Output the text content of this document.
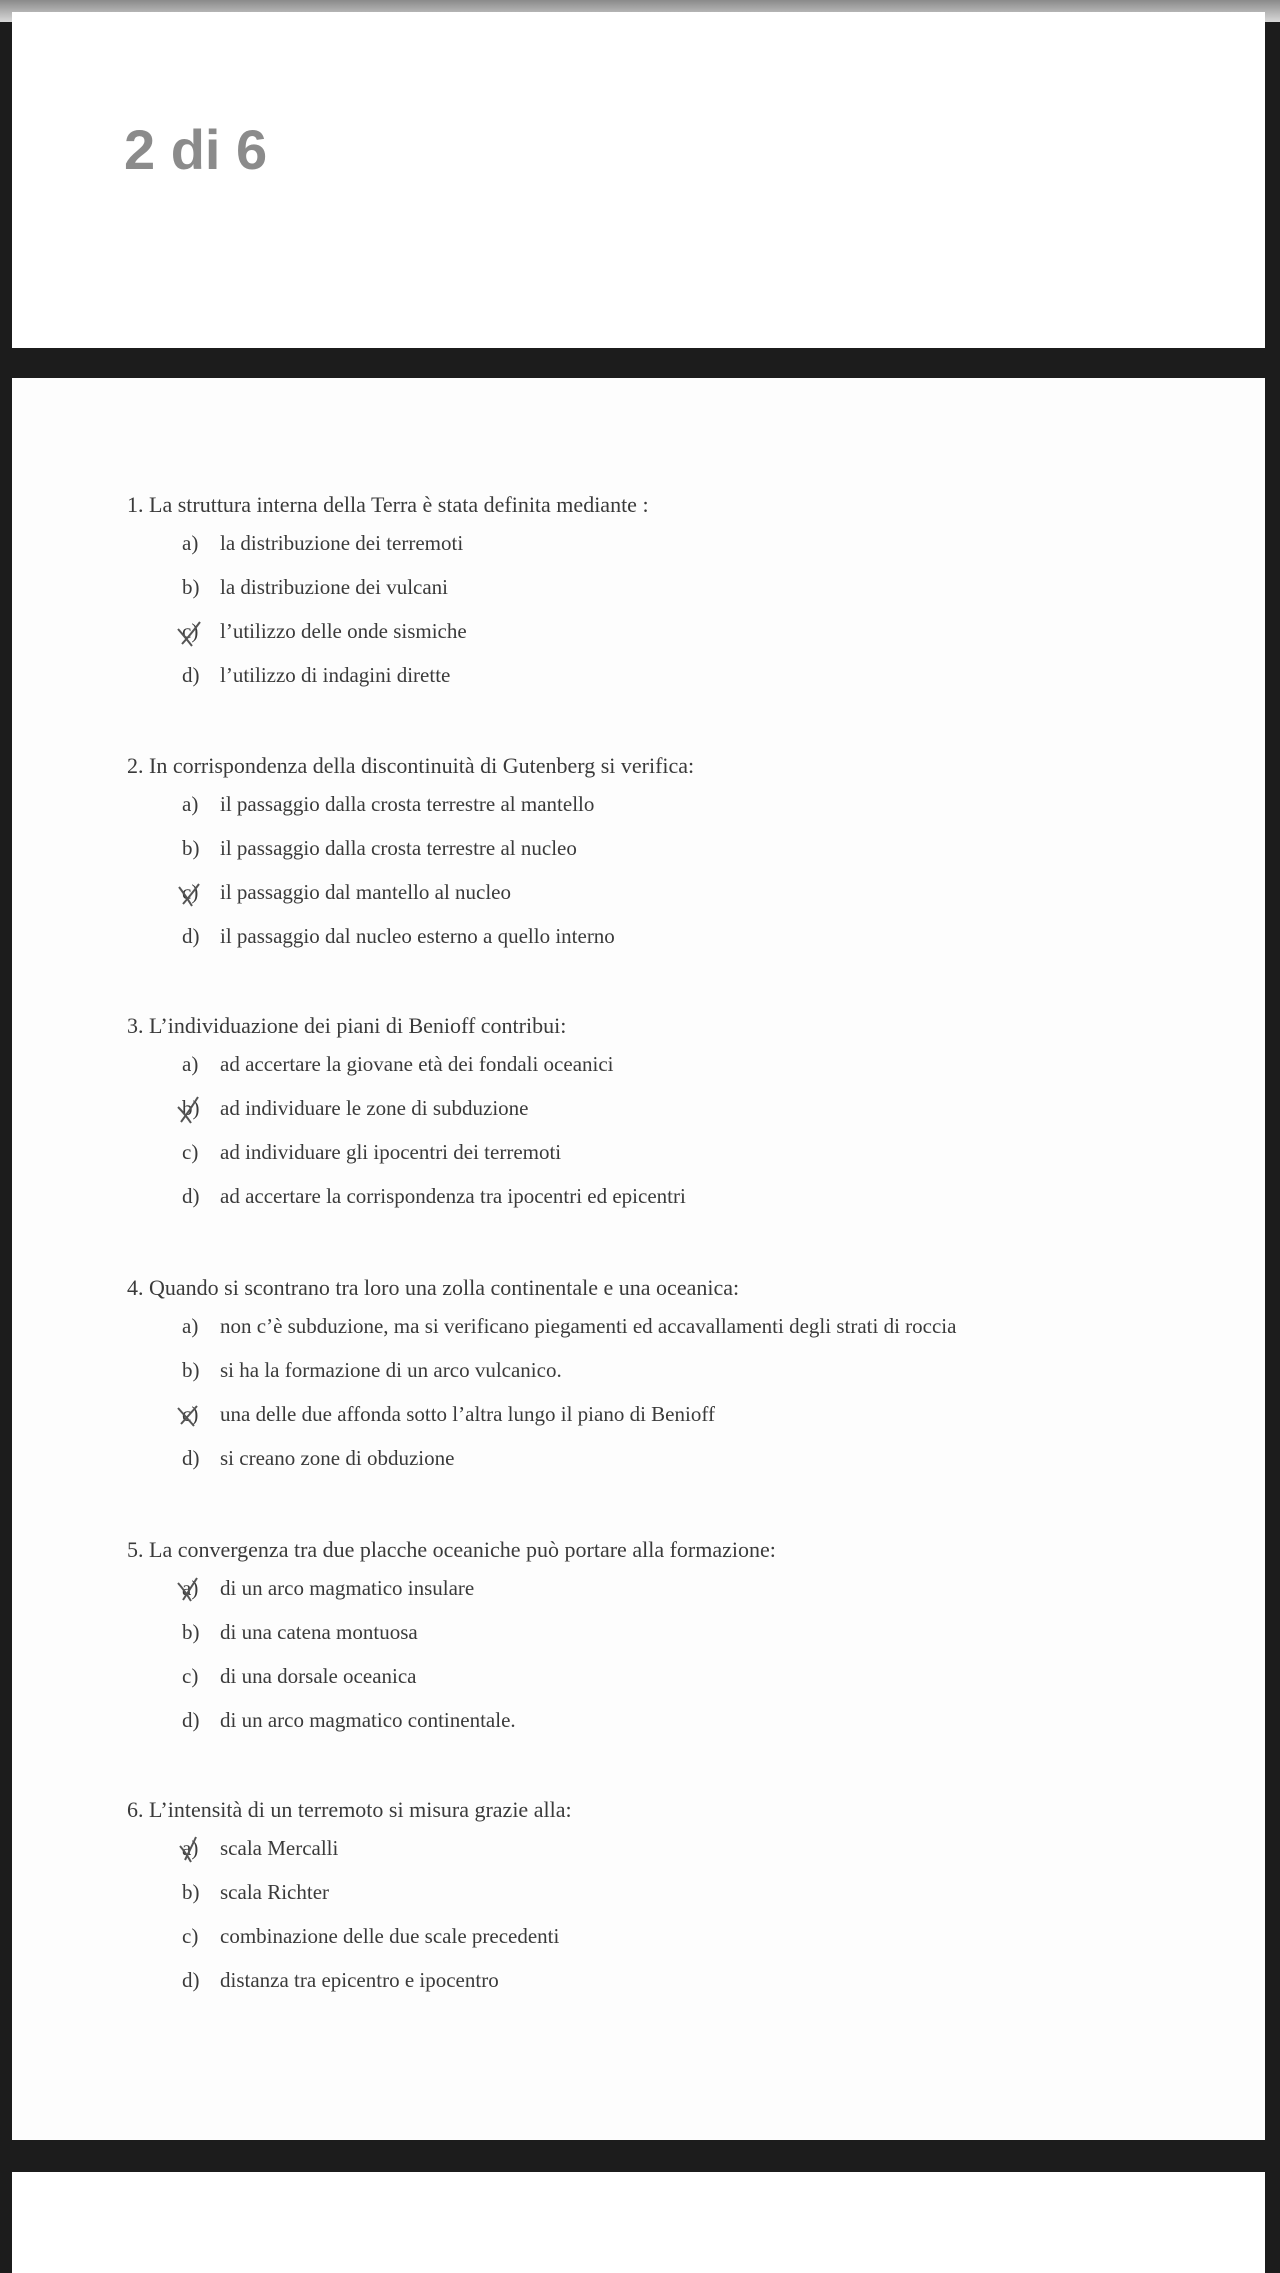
2 di 6

1. La struttura interna della Terra è stata definita mediante :

a) la distribuzione dei terremoti
b) la distribuzione dei vulcani
c) l’utilizzo delle onde sismiche
d) l’utilizzo di indagini dirette

2. In corrispondenza della discontinuità di Gutenberg si verifica:

a) il passaggio dalla crosta terrestre al mantello
b) il passaggio dalla crosta terrestre al nucleo
c) il passaggio dal mantello al nucleo
d) il passaggio dal nucleo esterno a quello interno

3. L’individuazione dei piani di Benioff contribui:

a) ad accertare la giovane età dei fondali oceanici
b) ad individuare le zone di subduzione
c) ad individuare gli ipocentri dei terremoti
d) ad accertare la corrispondenza tra ipocentri ed epicentri

4. Quando si scontrano tra loro una zolla continentale e una oceanica:

a) non c’è subduzione, ma si verificano piegamenti ed accavallamenti degli strati di roccia
b) si ha la formazione di un arco vulcanico.
c) una delle due affonda sotto l’altra lungo il piano di Benioff
d) si creano zone di obduzione

5. La convergenza tra due placche oceaniche può portare alla formazione:

a) di un arco magmatico insulare
b) di una catena montuosa
c) di una dorsale oceanica
d) di un arco magmatico continentale.

6. L’intensità di un terremoto si misura grazie alla:

a) scala Mercalli
b) scala Richter
c) combinazione delle due scale precedenti
d) distanza tra epicentro e ipocentro
